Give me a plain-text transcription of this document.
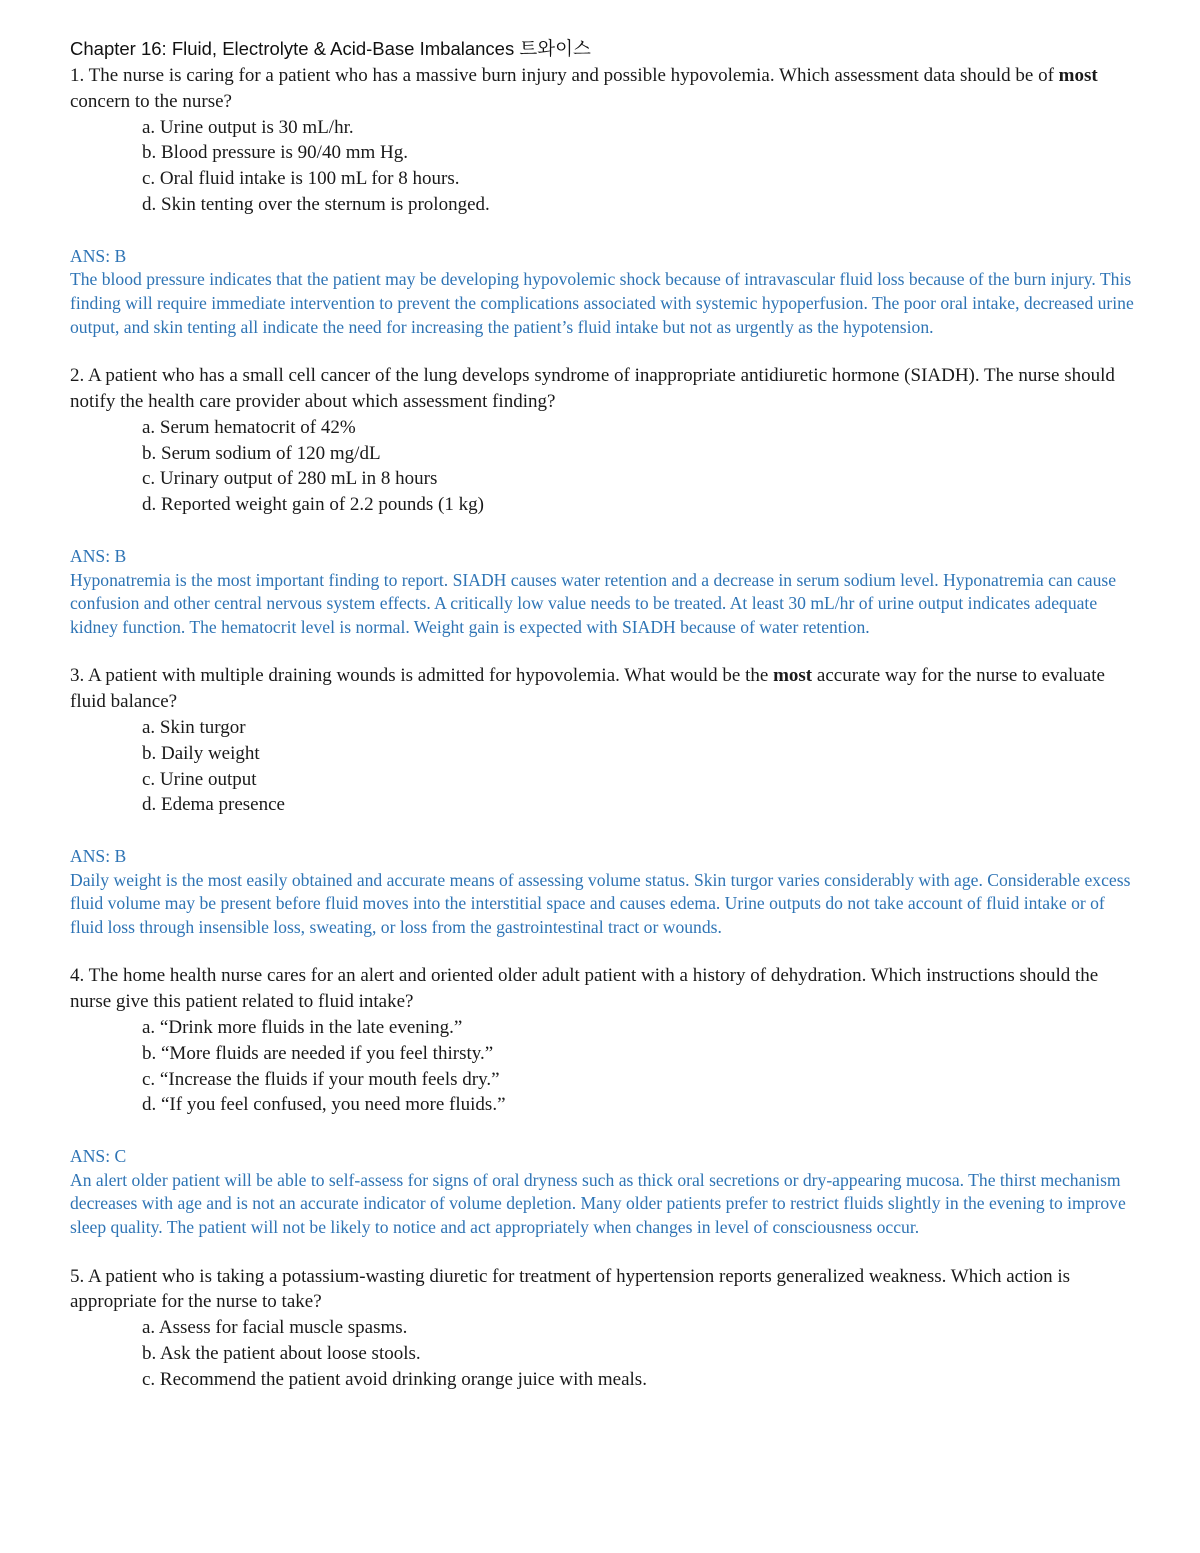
Chapter 16: Fluid, Electrolyte & Acid-Base Imbalances 트와이스

1. The nurse is caring for a patient who has a massive burn injury and possible hypovolemia. Which assessment data should be of most concern to the nurse?

a. Urine output is 30 mL/hr.
b. Blood pressure is 90/40 mm Hg.
c. Oral fluid intake is 100 mL for 8 hours.
d. Skin tenting over the sternum is prolonged.
ANS: B
The blood pressure indicates that the patient may be developing hypovolemic shock because of intravascular fluid loss because of the burn injury. This finding will require immediate intervention to prevent the complications associated with systemic hypoperfusion. The poor oral intake, decreased urine output, and skin tenting all indicate the need for increasing the patient’s fluid intake but not as urgently as the hypotension.

2. A patient who has a small cell cancer of the lung develops syndrome of inappropriate antidiuretic hormone (SIADH). The nurse should notify the health care provider about which assessment finding?

a. Serum hematocrit of 42%
b. Serum sodium of 120 mg/dL
c. Urinary output of 280 mL in 8 hours
d. Reported weight gain of 2.2 pounds (1 kg)
ANS: B
Hyponatremia is the most important finding to report. SIADH causes water retention and a decrease in serum sodium level. Hyponatremia can cause confusion and other central nervous system effects. A critically low value needs to be treated. At least 30 mL/hr of urine output indicates adequate kidney function. The hematocrit level is normal. Weight gain is expected with SIADH because of water retention.

3. A patient with multiple draining wounds is admitted for hypovolemia. What would be the most accurate way for the nurse to evaluate fluid balance?

a. Skin turgor
b. Daily weight
c. Urine output
d. Edema presence
ANS: B
Daily weight is the most easily obtained and accurate means of assessing volume status. Skin turgor varies considerably with age. Considerable excess fluid volume may be present before fluid moves into the interstitial space and causes edema. Urine outputs do not take account of fluid intake or of fluid loss through insensible loss, sweating, or loss from the gastrointestinal tract or wounds.

4. The home health nurse cares for an alert and oriented older adult patient with a history of dehydration. Which instructions should the nurse give this patient related to fluid intake?

a. “Drink more fluids in the late evening.”
b. “More fluids are needed if you feel thirsty.”
c. “Increase the fluids if your mouth feels dry.”
d. “If you feel confused, you need more fluids.”
ANS: C
An alert older patient will be able to self-assess for signs of oral dryness such as thick oral secretions or dry-appearing mucosa. The thirst mechanism decreases with age and is not an accurate indicator of volume depletion. Many older patients prefer to restrict fluids slightly in the evening to improve sleep quality. The patient will not be likely to notice and act appropriately when changes in level of consciousness occur.

5. A patient who is taking a potassium-wasting diuretic for treatment of hypertension reports generalized weakness. Which action is appropriate for the nurse to take?

a. Assess for facial muscle spasms.
b. Ask the patient about loose stools.
c. Recommend the patient avoid drinking orange juice with meals.
